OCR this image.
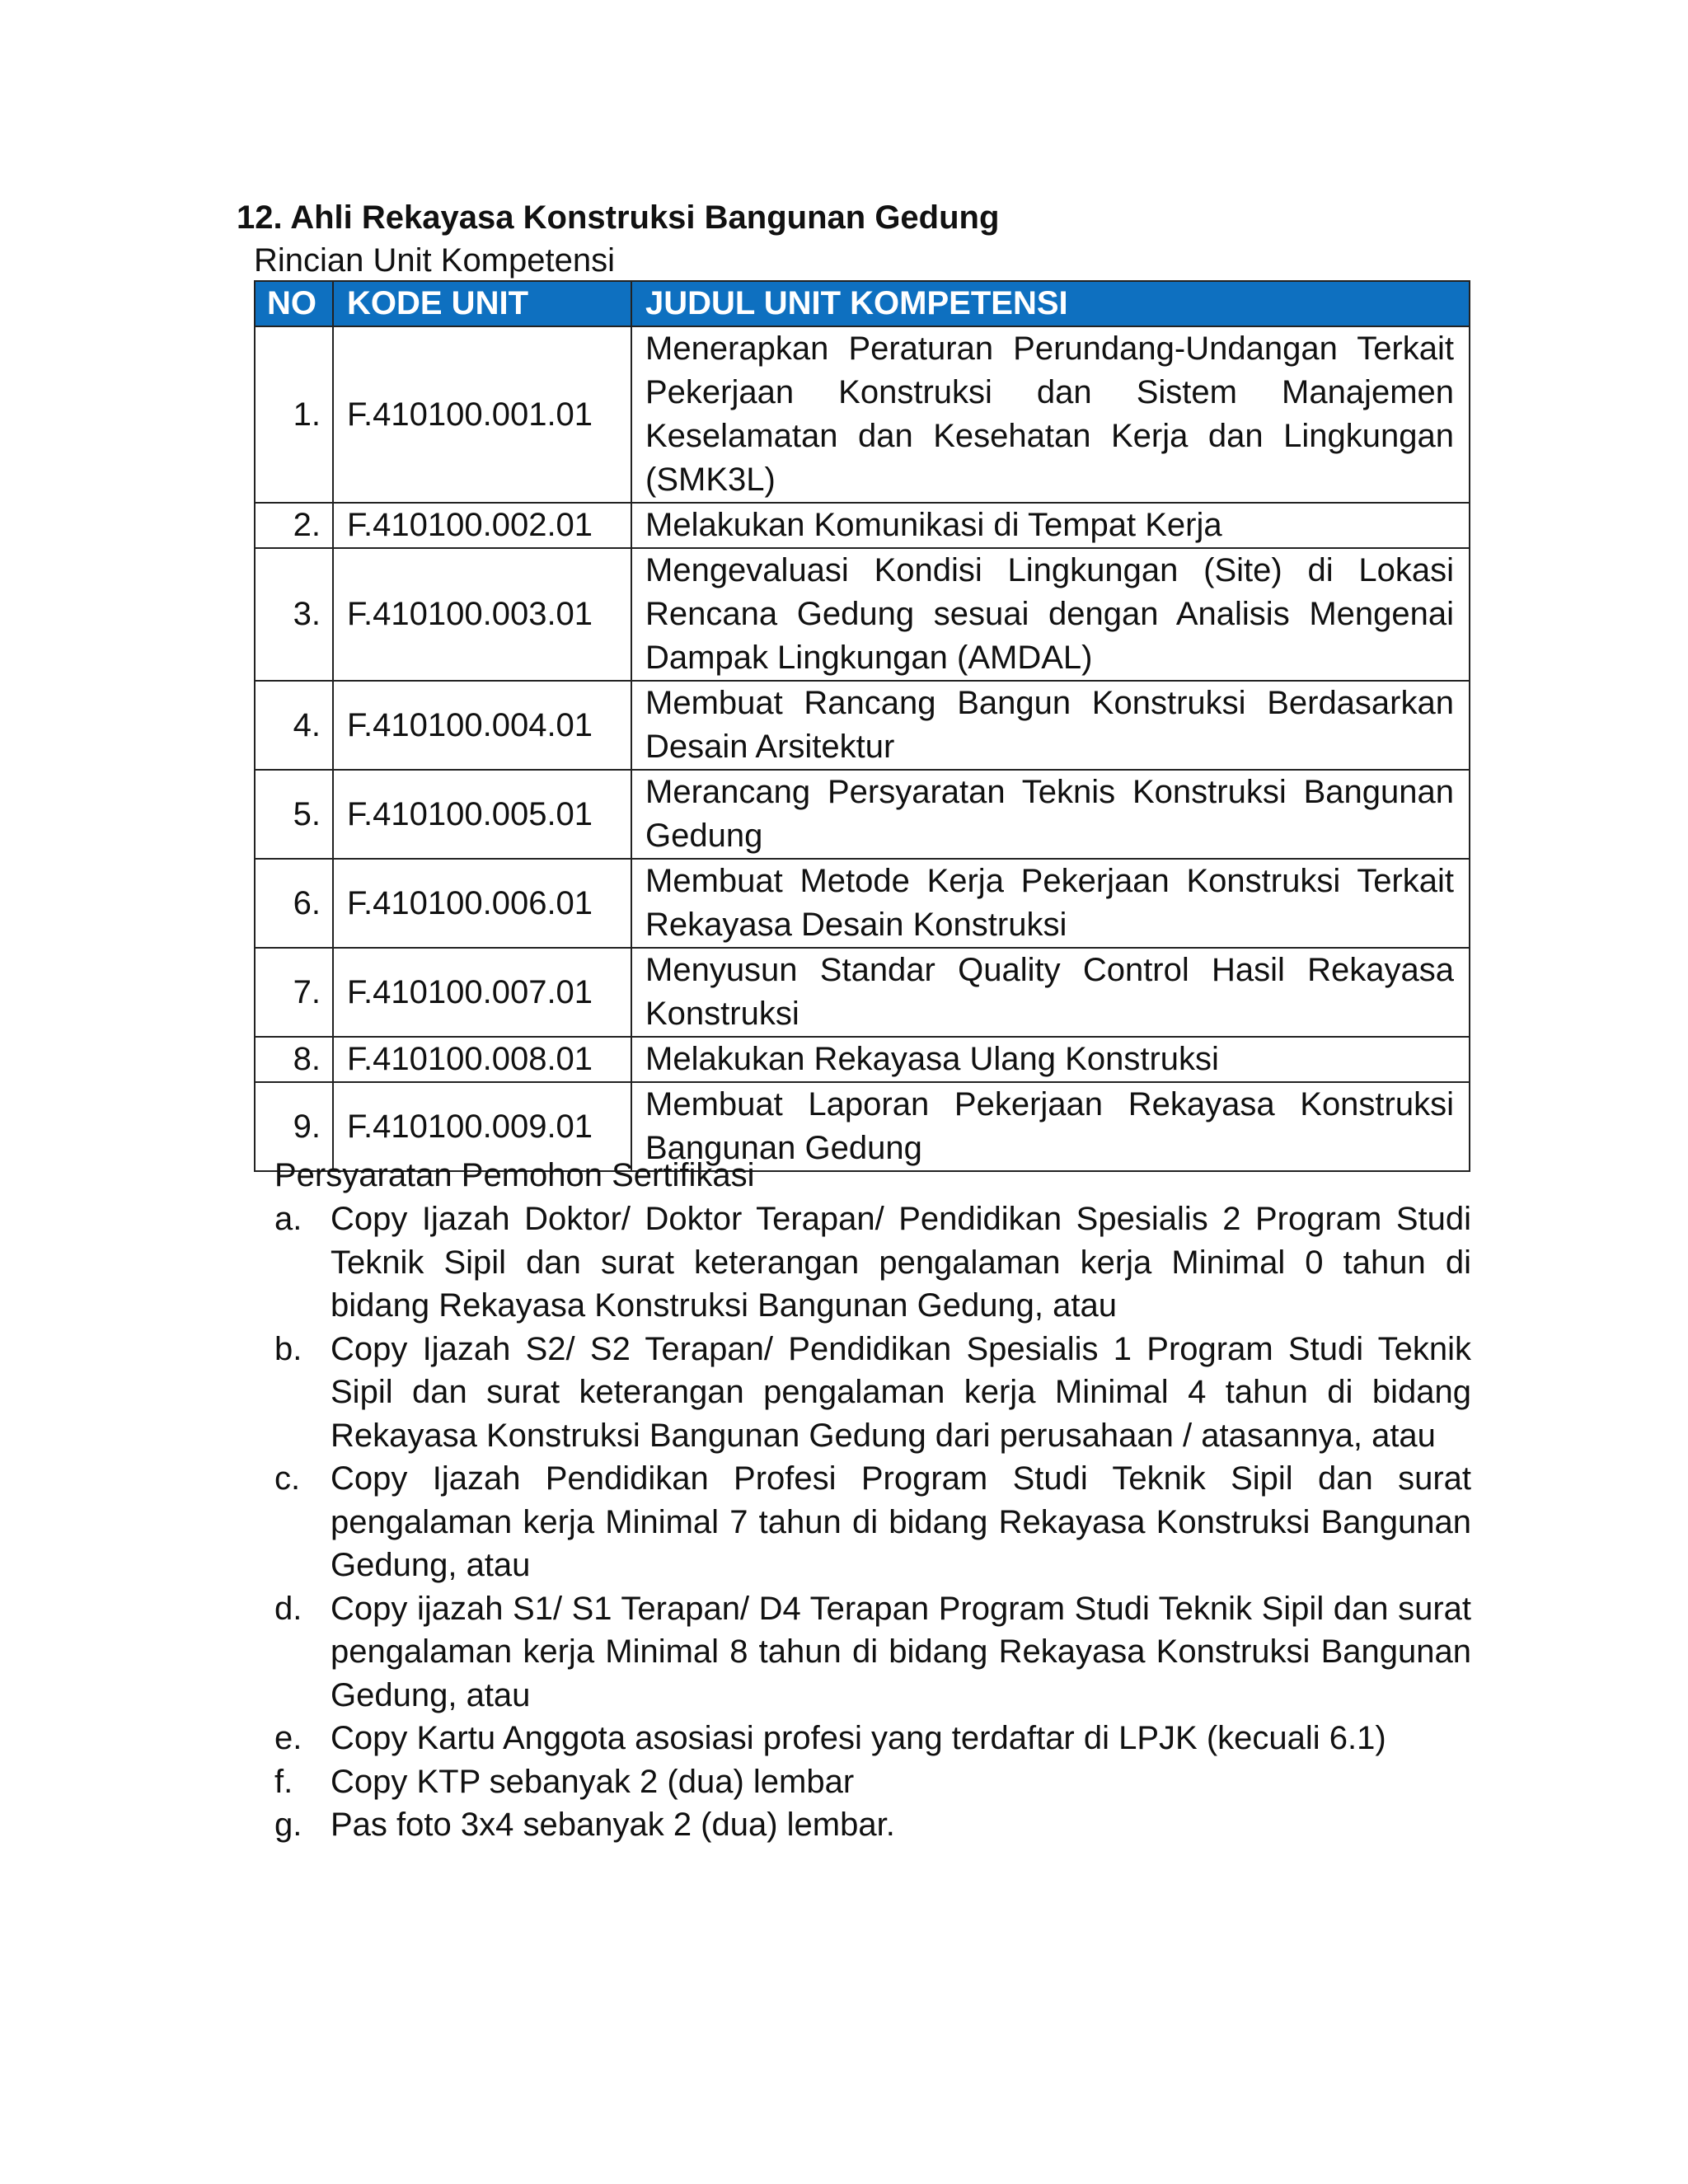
12. Ahli Rekayasa Konstruksi Bangunan Gedung
Rincian Unit Kompetensi
NO	KODE UNIT	JUDUL UNIT KOMPETENSI
1.	F.410100.001.01	Menerapkan Peraturan Perundang-Undangan Terkait Pekerjaan Konstruksi dan Sistem Manajemen Keselamatan dan Kesehatan Kerja dan Lingkungan (SMK3L)
2.	F.410100.002.01	Melakukan Komunikasi di Tempat Kerja
3.	F.410100.003.01	Mengevaluasi Kondisi Lingkungan (Site) di Lokasi Rencana Gedung sesuai dengan Analisis Mengenai Dampak Lingkungan (AMDAL)
4.	F.410100.004.01	Membuat Rancang Bangun Konstruksi Berdasarkan Desain Arsitektur
5.	F.410100.005.01	Merancang Persyaratan Teknis Konstruksi Bangunan Gedung
6.	F.410100.006.01	Membuat Metode Kerja Pekerjaan Konstruksi Terkait Rekayasa Desain Konstruksi
7.	F.410100.007.01	Menyusun Standar Quality Control Hasil Rekayasa Konstruksi
8.	F.410100.008.01	Melakukan Rekayasa Ulang Konstruksi
9.	F.410100.009.01	Membuat Laporan Pekerjaan Rekayasa Konstruksi Bangunan Gedung
Persyaratan Pemohon Sertifikasi
a. Copy Ijazah Doktor/ Doktor Terapan/ Pendidikan Spesialis 2 Program Studi Teknik Sipil dan surat keterangan pengalaman kerja Minimal 0 tahun di bidang Rekayasa Konstruksi Bangunan Gedung, atau
b. Copy Ijazah S2/ S2 Terapan/ Pendidikan Spesialis 1 Program Studi Teknik Sipil dan surat keterangan pengalaman kerja Minimal 4 tahun di bidang Rekayasa Konstruksi Bangunan Gedung dari perusahaan / atasannya, atau
c. Copy Ijazah Pendidikan Profesi Program Studi Teknik Sipil dan surat pengalaman kerja Minimal 7 tahun di bidang Rekayasa Konstruksi Bangunan Gedung, atau
d. Copy ijazah S1/ S1 Terapan/ D4 Terapan Program Studi Teknik Sipil dan surat pengalaman kerja Minimal 8 tahun di bidang Rekayasa Konstruksi Bangunan Gedung, atau
e. Copy Kartu Anggota asosiasi profesi yang terdaftar di LPJK (kecuali 6.1)
f.	Copy KTP sebanyak 2 (dua) lembar
g. Pas foto 3x4 sebanyak 2 (dua) lembar.
